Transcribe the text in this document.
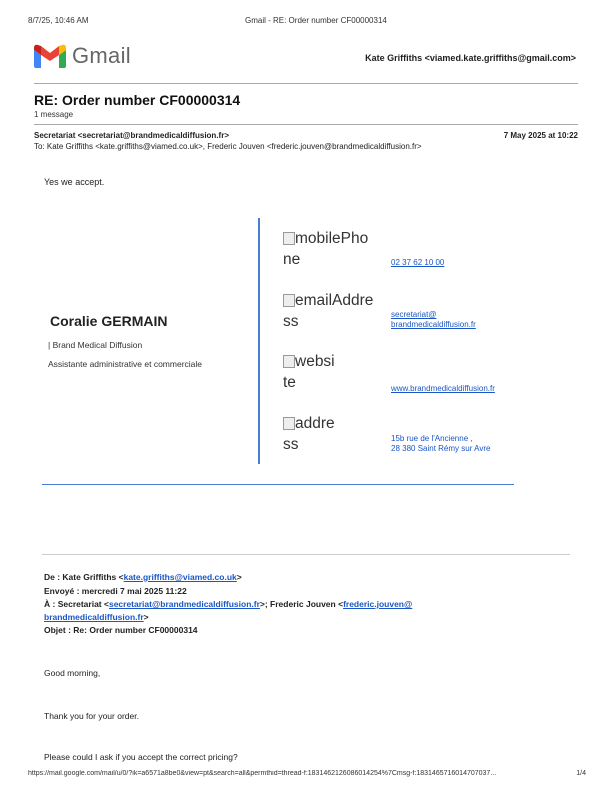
8/7/25, 10:46 AM	Gmail - RE: Order number CF00000314
Gmail	Kate Griffiths <viamed.kate.griffiths@gmail.com>
RE: Order number CF00000314
1 message
Secretariat <secretariat@brandmedicaldiffusion.fr>	7 May 2025 at 10:22
To: Kate Griffiths <kate.griffiths@viamed.co.uk>, Frederic Jouven <frederic.jouven@brandmedicaldiffusion.fr>
Yes we accept.
Coralie GERMAIN
| Brand Medical Diffusion
Assistante administrative et commerciale
mobilePho
ne	02 37 62 10 00
emailAddre
ss	secretariat@
brandmedicaldiffusion.fr
websi
te	www.brandmedicaldiffusion.fr
addre
ss	15b rue de l'Ancienne ,
28 380 Saint Rémy sur Avre
De : Kate Griffiths <kate.griffiths@viamed.co.uk>
Envoyé : mercredi 7 mai 2025 11:22
À : Secretariat <secretariat@brandmedicaldiffusion.fr>; Frederic Jouven <frederic.jouven@
brandmedicaldiffusion.fr>
Objet : Re: Order number CF00000314
Good morning,
Thank you for your order.
Please could I ask if you accept the correct pricing?
https://mail.google.com/mail/u/0/?ik=a6571a8be0&view=pt&search=all&permthid=thread-f:1831462126086014254%7Cmsg-f:1831465716014707037...	1/4
